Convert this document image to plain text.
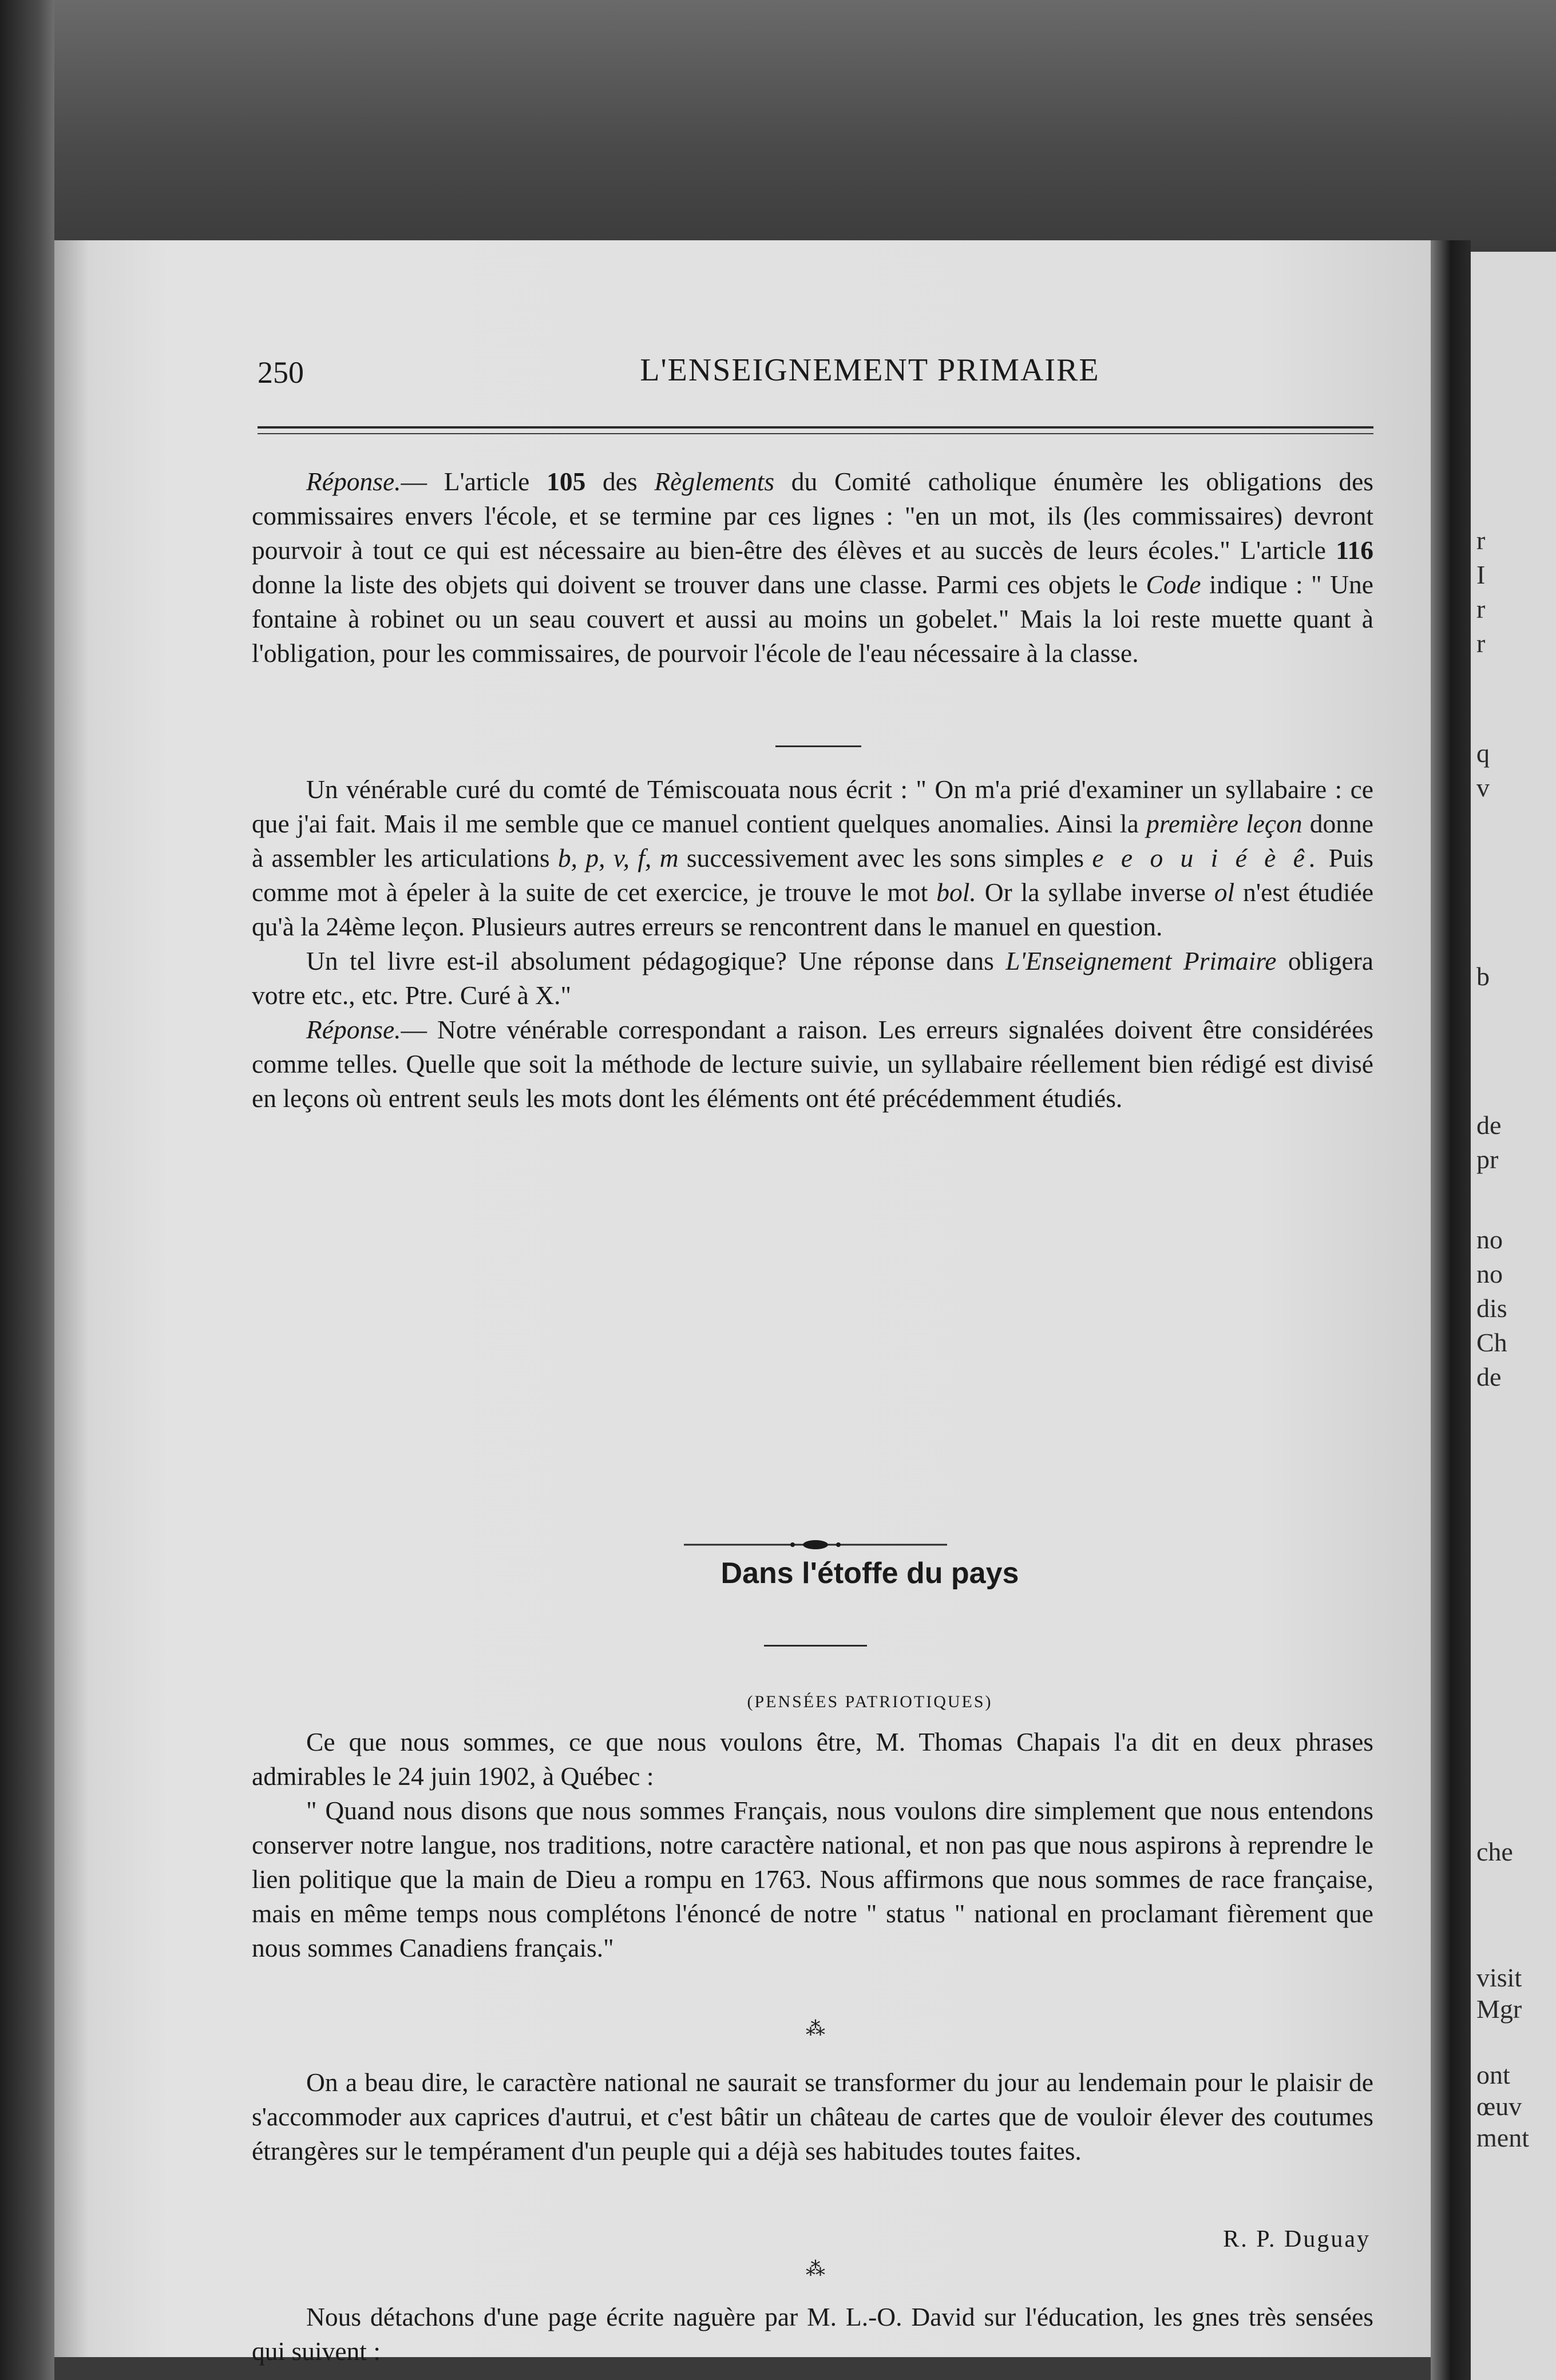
250	L'ENSEIGNEMENT PRIMAIRE

Réponse.— L'article 105 des Règlements du Comité catholique énumère les obligations des commissaires envers l'école, et se termine par ces lignes : "en un mot, ils (les commissaires) devront pourvoir à tout ce qui est nécessaire au bien-être des élèves et au succès de leurs écoles." L'article 116 donne la liste des objets qui doivent se trouver dans une classe. Parmi ces objets le Code indique : " Une fontaine à robinet ou un seau couvert et aussi au moins un gobelet." Mais la loi reste muette quant à l'obligation, pour les commissaires, de pourvoir l'école de l'eau nécessaire à la classe.

Un vénérable curé du comté de Témiscouata nous écrit : " On m'a prié d'examiner un syllabaire : ce que j'ai fait. Mais il me semble que ce manuel contient quelques anomalies. Ainsi la première leçon donne à assembler les articulations b, p, v, f, m successivement avec les sons simples e e o u i é è ê. Puis comme mot à épeler à la suite de cet exercice, je trouve le mot bol. Or la syllabe inverse ol n'est étudiée qu'à la 24ème leçon. Plusieurs autres erreurs se rencontrent dans le manuel en question.

Un tel livre est-il absolument pédagogique? Une réponse dans L'Enseignement Primaire obligera votre etc., etc. Ptre. Curé à X."

Réponse.— Notre vénérable correspondant a raison. Les erreurs signalées doivent être considérées comme telles. Quelle que soit la méthode de lecture suivie, un syllabaire réellement bien rédigé est divisé en leçons où entrent seuls les mots dont les éléments ont été précédemment étudiés.

Dans l'étoffe du pays
(PENSÉES PATRIOTIQUES)

Ce que nous sommes, ce que nous voulons être, M. Thomas Chapais l'a dit en deux phrases admirables le 24 juin 1902, à Québec :

" Quand nous disons que nous sommes Français, nous voulons dire simplement que nous entendons conserver notre langue, nos traditions, notre caractère national, et non pas que nous aspirons à reprendre le lien politique que la main de Dieu a rompu en 1763. Nous affirmons que nous sommes de race française, mais en même temps nous complétons l'énoncé de notre " status " national en proclamant fièrement que nous sommes Canadiens français."

⁂

On a beau dire, le caractère national ne saurait se transformer du jour au lendemain pour le plaisir de s'accommoder aux caprices d'autrui, et c'est bâtir un château de cartes que de vouloir élever des coutumes étrangères sur le tempérament d'un peuple qui a déjà ses habitudes toutes faites.

R. P. Duguay
⁂

Nous détachons d'une page écrite naguère par M. L.-O. David sur l'éducation, les gnes très sensées qui suivent :

r
I
r
r
q
v
b
de
pr
no
no
dis
Ch
de
che
visit
Mgr
ont
œuv
ment
